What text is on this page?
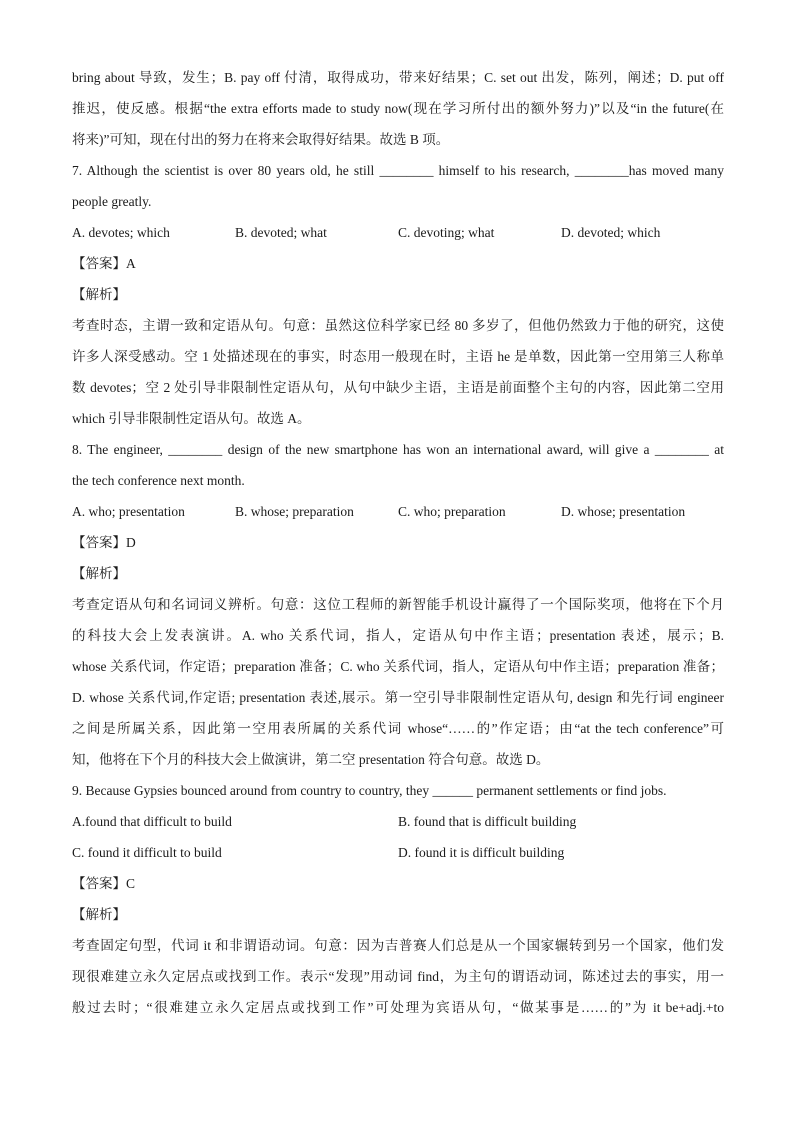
bring about 导致，发生；B. pay off 付清，取得成功，带来好结果；C. set out 出发，陈列，阐述；D. put off
推迟，使反感。根据“the extra efforts made to study now(现在学习所付出的额外努力)”以及“in the future(在
将来)”可知，现在付出的努力在将来会取得好结果。故选 B 项。
7. Although the scientist is over 80 years old, he still ________ himself to his research, ________has moved many
people greatly.
A. devotes; which	B. devoted; what	C. devoting; what	D. devoted; which
【答案】A
【解析】
考查时态，主谓一致和定语从句。句意：虽然这位科学家已经 80 多岁了，但他仍然致力于他的研究，这使
许多人深受感动。空 1 处描述现在的事实，时态用一般现在时，主语 he 是单数，因此第一空用第三人称单
数 devotes；空 2 处引导非限制性定语从句，从句中缺少主语，主语是前面整个主句的内容，因此第二空用
which 引导非限制性定语从句。故选 A。
8. The engineer, ________ design of the new smartphone has won an international award, will give a ________ at
the tech conference next month.
A. who; presentation	B. whose; preparation	C. who; preparation	D. whose; presentation
【答案】D
【解析】
考查定语从句和名词词义辨析。句意：这位工程师的新智能手机设计赢得了一个国际奖项，他将在下个月
的科技大会上发表演讲。A. who 关系代词，指人，定语从句中作主语；presentation 表述，展示；B.
whose 关系代词，作定语；preparation 准备；C. who 关系代词，指人，定语从句中作主语；preparation 准备；
D. whose 关系代词,作定语; presentation 表述,展示。第一空引导非限制性定语从句, design 和先行词 engineer
之间是所属关系，因此第一空用表所属的关系代词 whose“……的”作定语；由“at the tech conference”可
知，他将在下个月的科技大会上做演讲，第二空 presentation 符合句意。故选 D。
9. Because Gypsies bounced around from country to country, they ______ permanent settlements or find jobs.
A.found that difficult to build	B. found that is difficult building
C. found it difficult to build	D. found it is difficult building
【答案】C
【解析】
考查固定句型，代词 it 和非谓语动词。句意：因为吉普赛人们总是从一个国家辗转到另一个国家，他们发
现很难建立永久定居点或找到工作。表示“发现”用动词 find，为主句的谓语动词，陈述过去的事实，用一
般过去时；“很难建立永久定居点或找到工作”可处理为宾语从句，“做某事是……的”为 it be+adj.+to
